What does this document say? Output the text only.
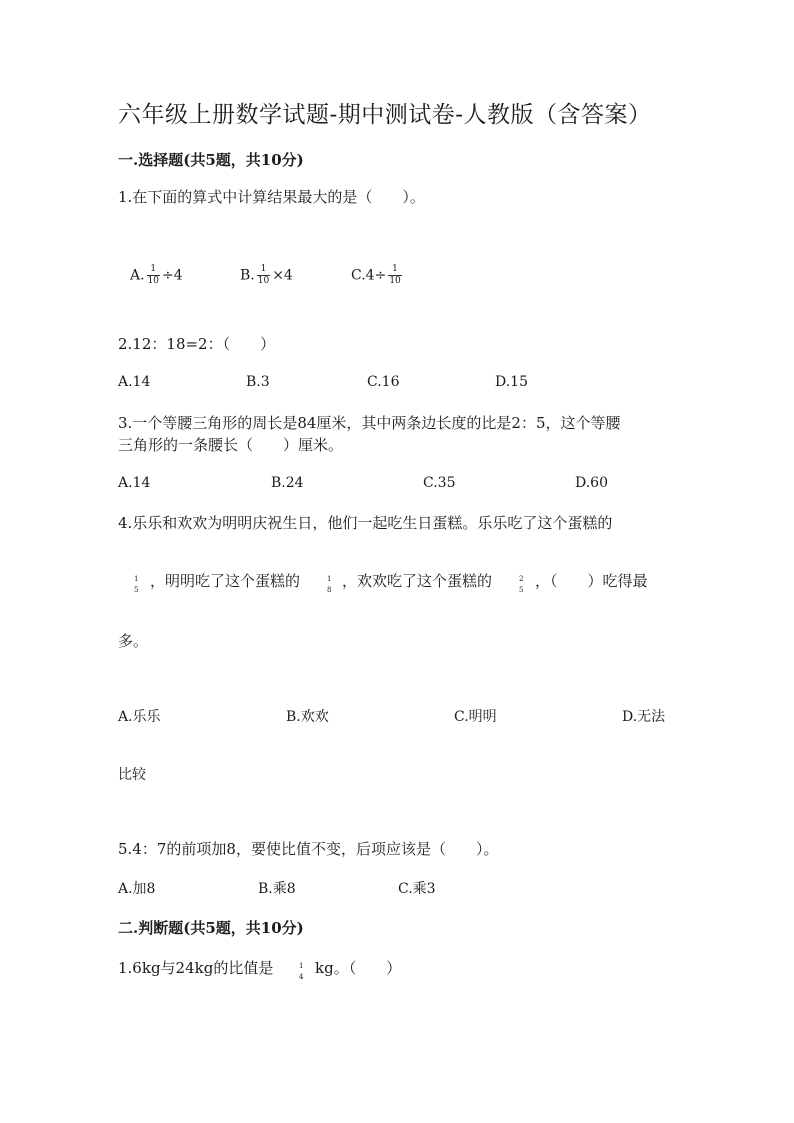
六年级上册数学试题-期中测试卷-人教版（含答案）
一.选择题(共5题，共10分)
1.在下面的算式中计算结果最大的是（　　）。
A. $\frac{1}{10} \div 4$	B. $\frac{1}{10} \times 4$	$C.4\div \frac{1}{10}$
2.12：18=2：（　　）
A.14	B.3	C.16	D.15
3.一个等腰三角形的周长是84厘米，其中两条边长度的比是2：5，这个等腰
三角形的一条腰长（　　）厘米。
A.14	B.24	C.35	D.60
4.乐乐和欢欢为明明庆祝生日，他们一起吃生日蛋糕。乐乐吃了这个蛋糕的
1
5 ，明明吃了这个蛋糕的	1
8 ，欢欢吃了这个蛋糕的	2
5 ，（　　）吃得最
多。
A.乐乐	B.欢欢	C.明明	D.无法
比较
5.4：7的前项加8，要使比值不变，后项应该是（　　）。
A.加8	B.乘8	C.乘3
二.判断题(共5题，共10分)
1.6kg与24kg的比值是	1
4 kg。（　　）
